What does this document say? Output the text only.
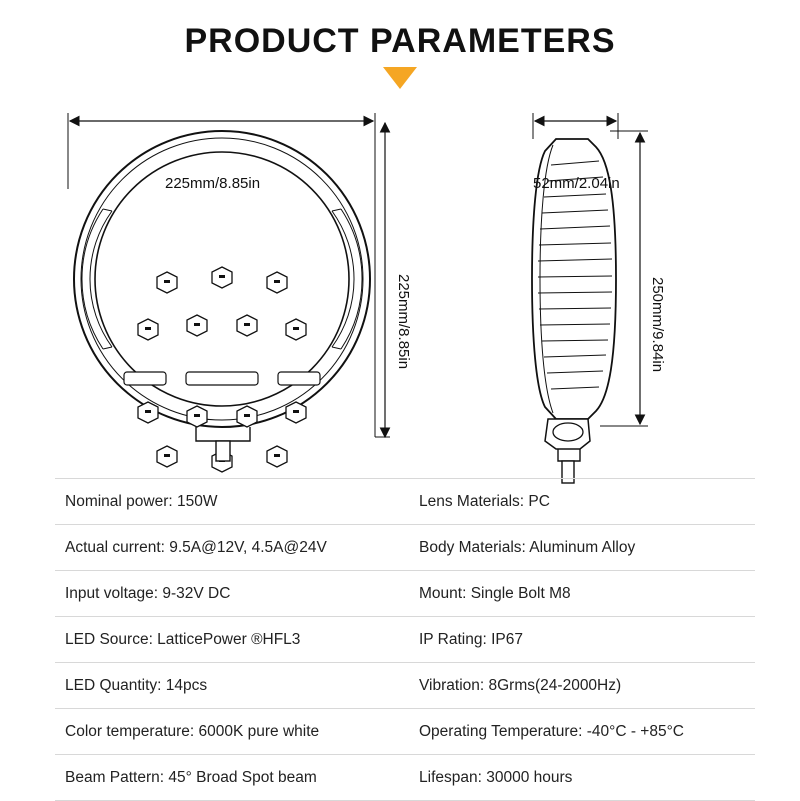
PRODUCT PARAMETERS
225mm/8.85in
225mm/8.85in
52mm/2.04in
250mm/9.84in
Nominal power: 150W	Lens Materials: PC
Actual current: 9.5A@12V, 4.5A@24V	Body Materials: Aluminum Alloy
Input voltage: 9-32V DC	Mount: Single Bolt M8
LED Source: LatticePower ®HFL3	IP Rating: IP67
LED Quantity: 14pcs	Vibration: 8Grms(24-2000Hz)
Color temperature: 6000K pure white	Operating Temperature: -40°C - +85°C
Beam Pattern: 45° Broad Spot beam	Lifespan: 30000 hours
